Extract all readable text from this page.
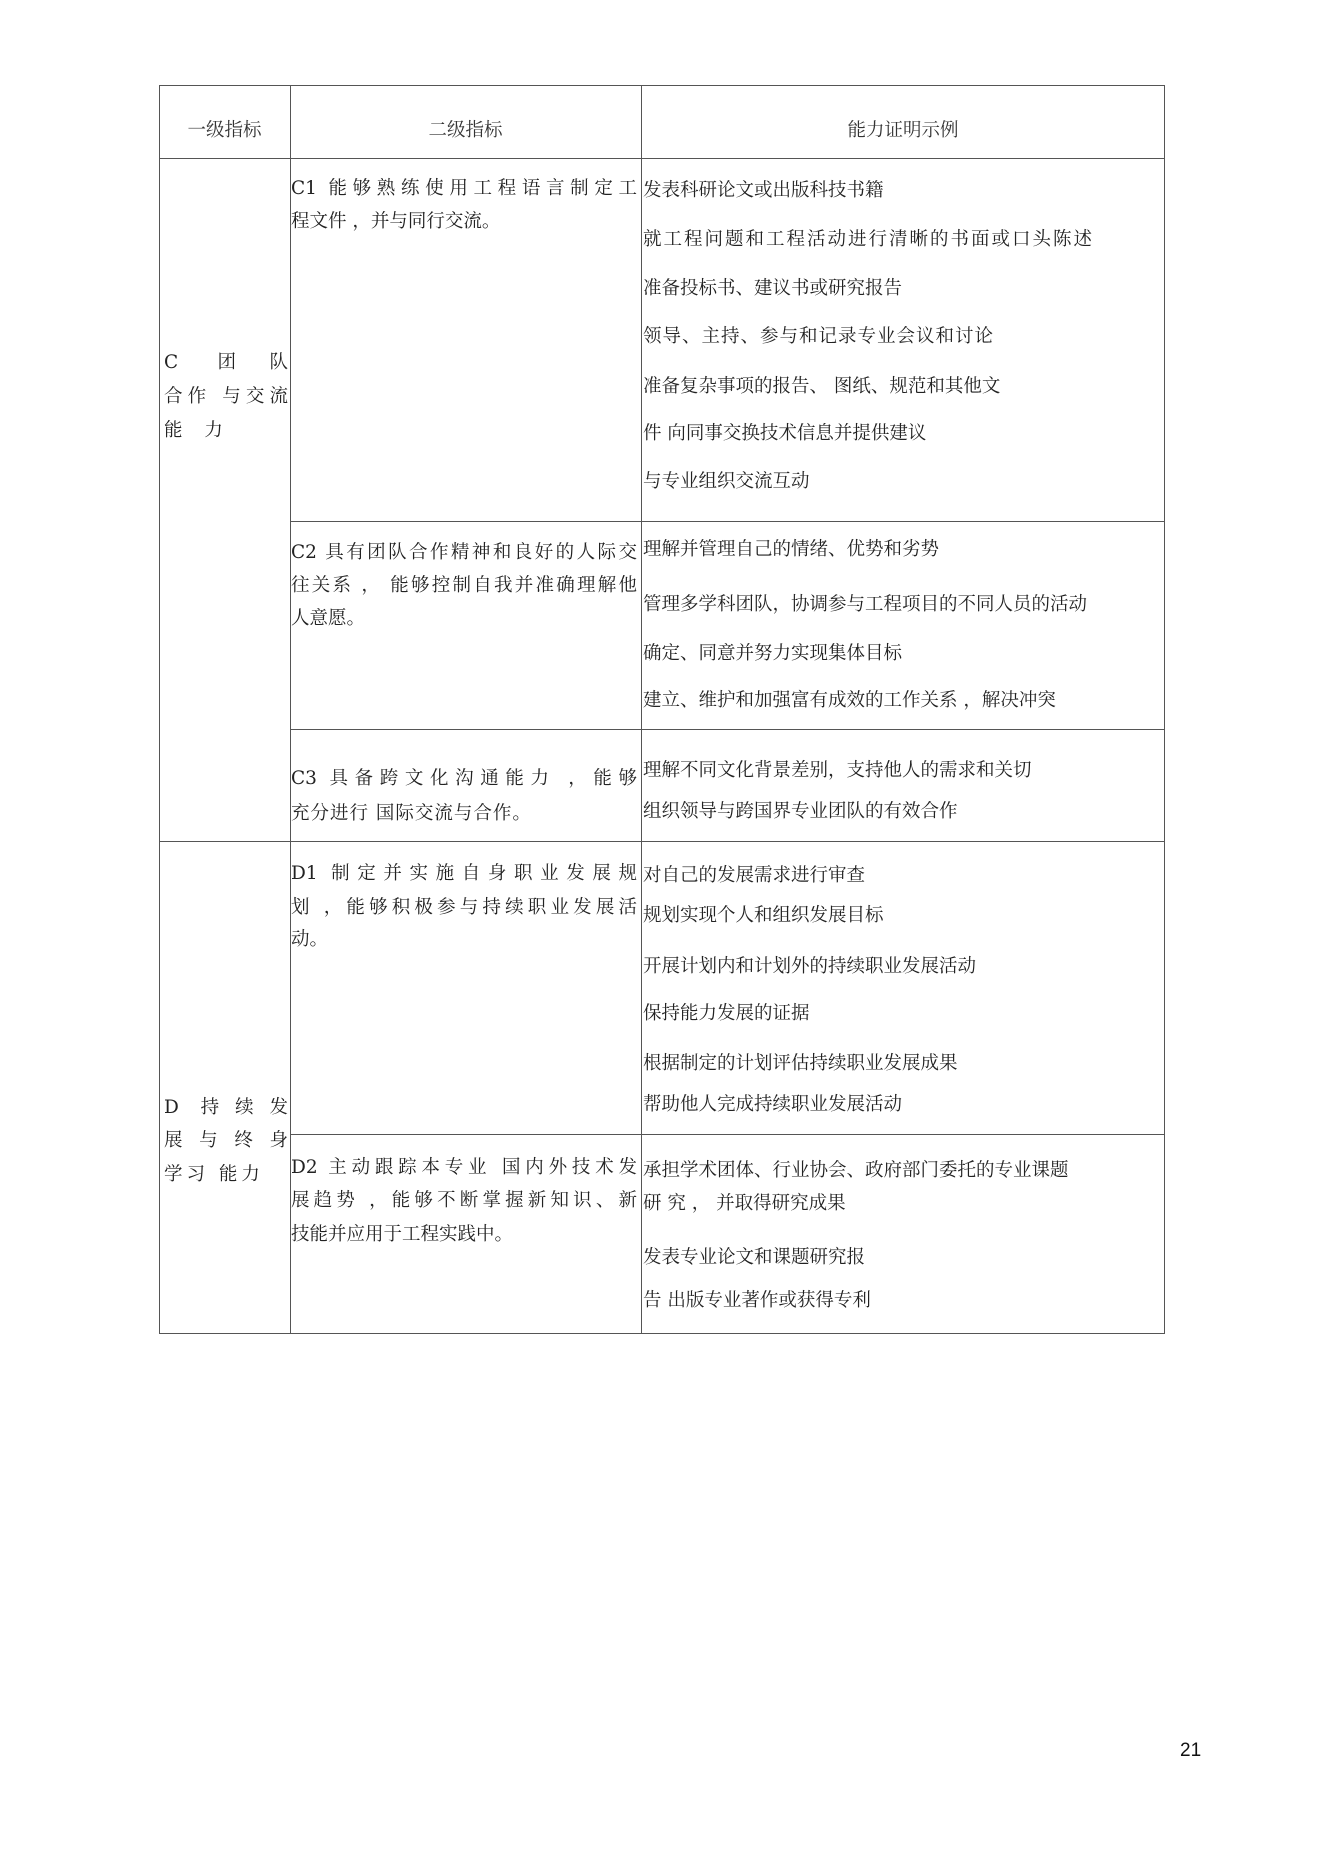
一级指标	二级指标	能力证明示例
C 团队
合作 与交流
能 力
D 持续发
展与终身
学习 能力
C1 能够熟练使用工程语言制定工
程文件 ，并与同行交流。
发表科研论文或出版科技书籍
就工程问题和工程活动进行清晰的书面或口头陈述
准备投标书、建议书或研究报告
领导、主持、参与和记录专业会议和讨论
准备复杂事项的报告、 图纸、规范和其他文
件 向同事交换技术信息并提供建议
与专业组织交流互动
C2 具有团队合作精神和良好的人际交
往关系 ， 能够控制自我并准确理解他
人意愿。
理解并管理自己的情绪、优势和劣势
管理多学科团队，协调参与工程项目的不同人员的活动
确定、同意并努力实现集体目标
建立、维护和加强富有成效的工作关系 ，解决冲突
C3 具备跨文化沟通能力 ，能够
充分进行 国际交流与合作。
理解不同文化背景差别，支持他人的需求和关切
组织领导与跨国界专业团队的有效合作
D1 制定并实施自身职业发展规
划 ，能够积极参与持续职业发展活
动。
对自己的发展需求进行审查
规划实现个人和组织发展目标
开展计划内和计划外的持续职业发展活动
保持能力发展的证据
根据制定的计划评估持续职业发展成果
帮助他人完成持续职业发展活动
D2 主动跟踪本专业 国内外技术发
展趋势 ，能够不断掌握新知识、新
技能并应用于工程实践中。
承担学术团体、行业协会、政府部门委托的专业课题
研 究 ， 并取得研究成果
发表专业论文和课题研究报
告 出版专业著作或获得专利
21
